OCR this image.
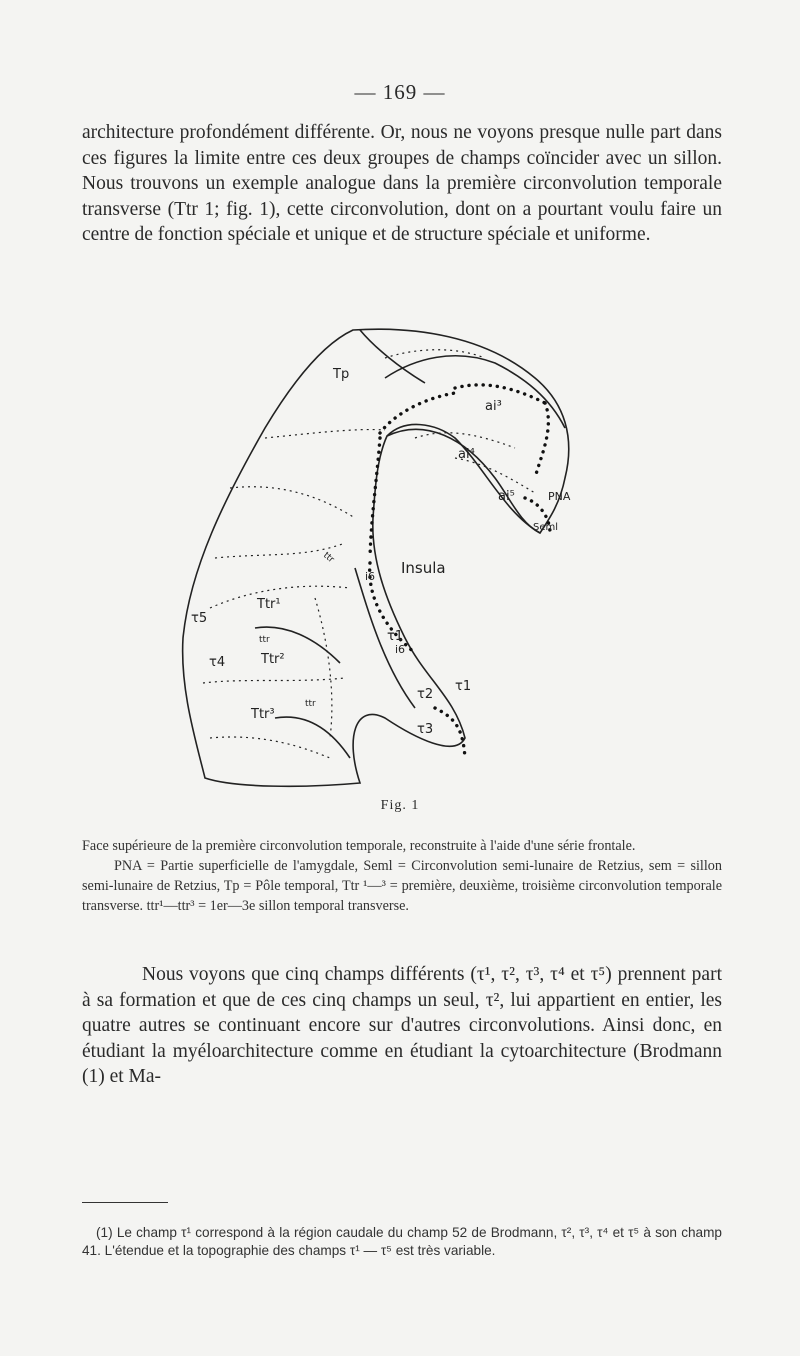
— 169 —

architecture profondément différente. Or, nous ne voyons presque nulle part dans ces figures la limite entre ces deux groupes de champs coïncider avec un sillon. Nous trouvons un exemple analogue dans la première circonvolution temporale transverse (Ttr 1; fig. 1), cette circonvolution, dont on a pourtant voulu faire un centre de fonction spéciale et unique et de structure spéciale et uniforme.

Tp
ai³
ai⁴
ai⁵	PNA
Seml
Insula
i6
i6
Ttr¹
Ttr²
Ttr³
τ5
τ4
τ1
τ1
τ2
τ3
ttr
ttr
ttr
Fig. 1

Face supérieure de la première circonvolution temporale, reconstruite à l'aide d'une série frontale.

PNA = Partie superficielle de l'amygdale, Seml = Circonvolution semi-lunaire de Retzius, sem = sillon semi-lunaire de Retzius, Tp = Pôle temporal, Ttr ¹—³ = première, deuxième, troisième circonvolution temporale transverse. ttr¹—ttr³ = 1er—3e sillon temporal transverse.

Nous voyons que cinq champs différents (τ¹, τ², τ³, τ⁴ et τ⁵) prennent part à sa formation et que de ces cinq champs un seul, τ², lui appartient en entier, les quatre autres se continuant encore sur d'autres circonvolutions. Ainsi donc, en étudiant la myéloarchitecture comme en étudiant la cytoarchitecture (Brodmann (1) et Ma-

(1) Le champ τ¹ correspond à la région caudale du champ 52 de Brodmann, τ², τ³, τ⁴ et τ⁵ à son champ 41. L'étendue et la topographie des champs τ¹ — τ⁵ est très variable.
